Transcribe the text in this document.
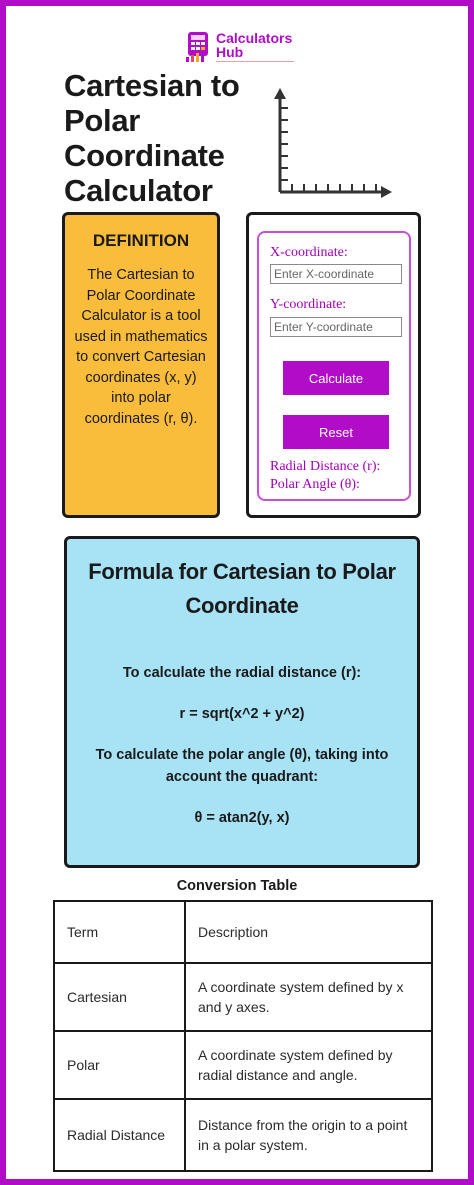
Calculators
Hub
Cartesian to Polar Coordinate Calculator
DEFINITION
The Cartesian to Polar Coordinate Calculator is a tool used in mathematics to convert Cartesian coordinates (x, y) into polar coordinates (r, θ).
X-coordinate:
Enter X-coordinate
Y-coordinate:
Enter Y-coordinate
Calculate
Reset
Radial Distance (r):
Polar Angle (θ):
Formula for Cartesian to Polar Coordinate
To calculate the radial distance (r):
r = sqrt(x^2 + y^2)
To calculate the polar angle (θ), taking into account the quadrant:
θ = atan2(y, x)
Conversion Table
Term	Description
Cartesian	A coordinate system defined by x and y axes.
Polar	A coordinate system defined by radial distance and angle.
Radial Distance	Distance from the origin to a point in a polar system.
